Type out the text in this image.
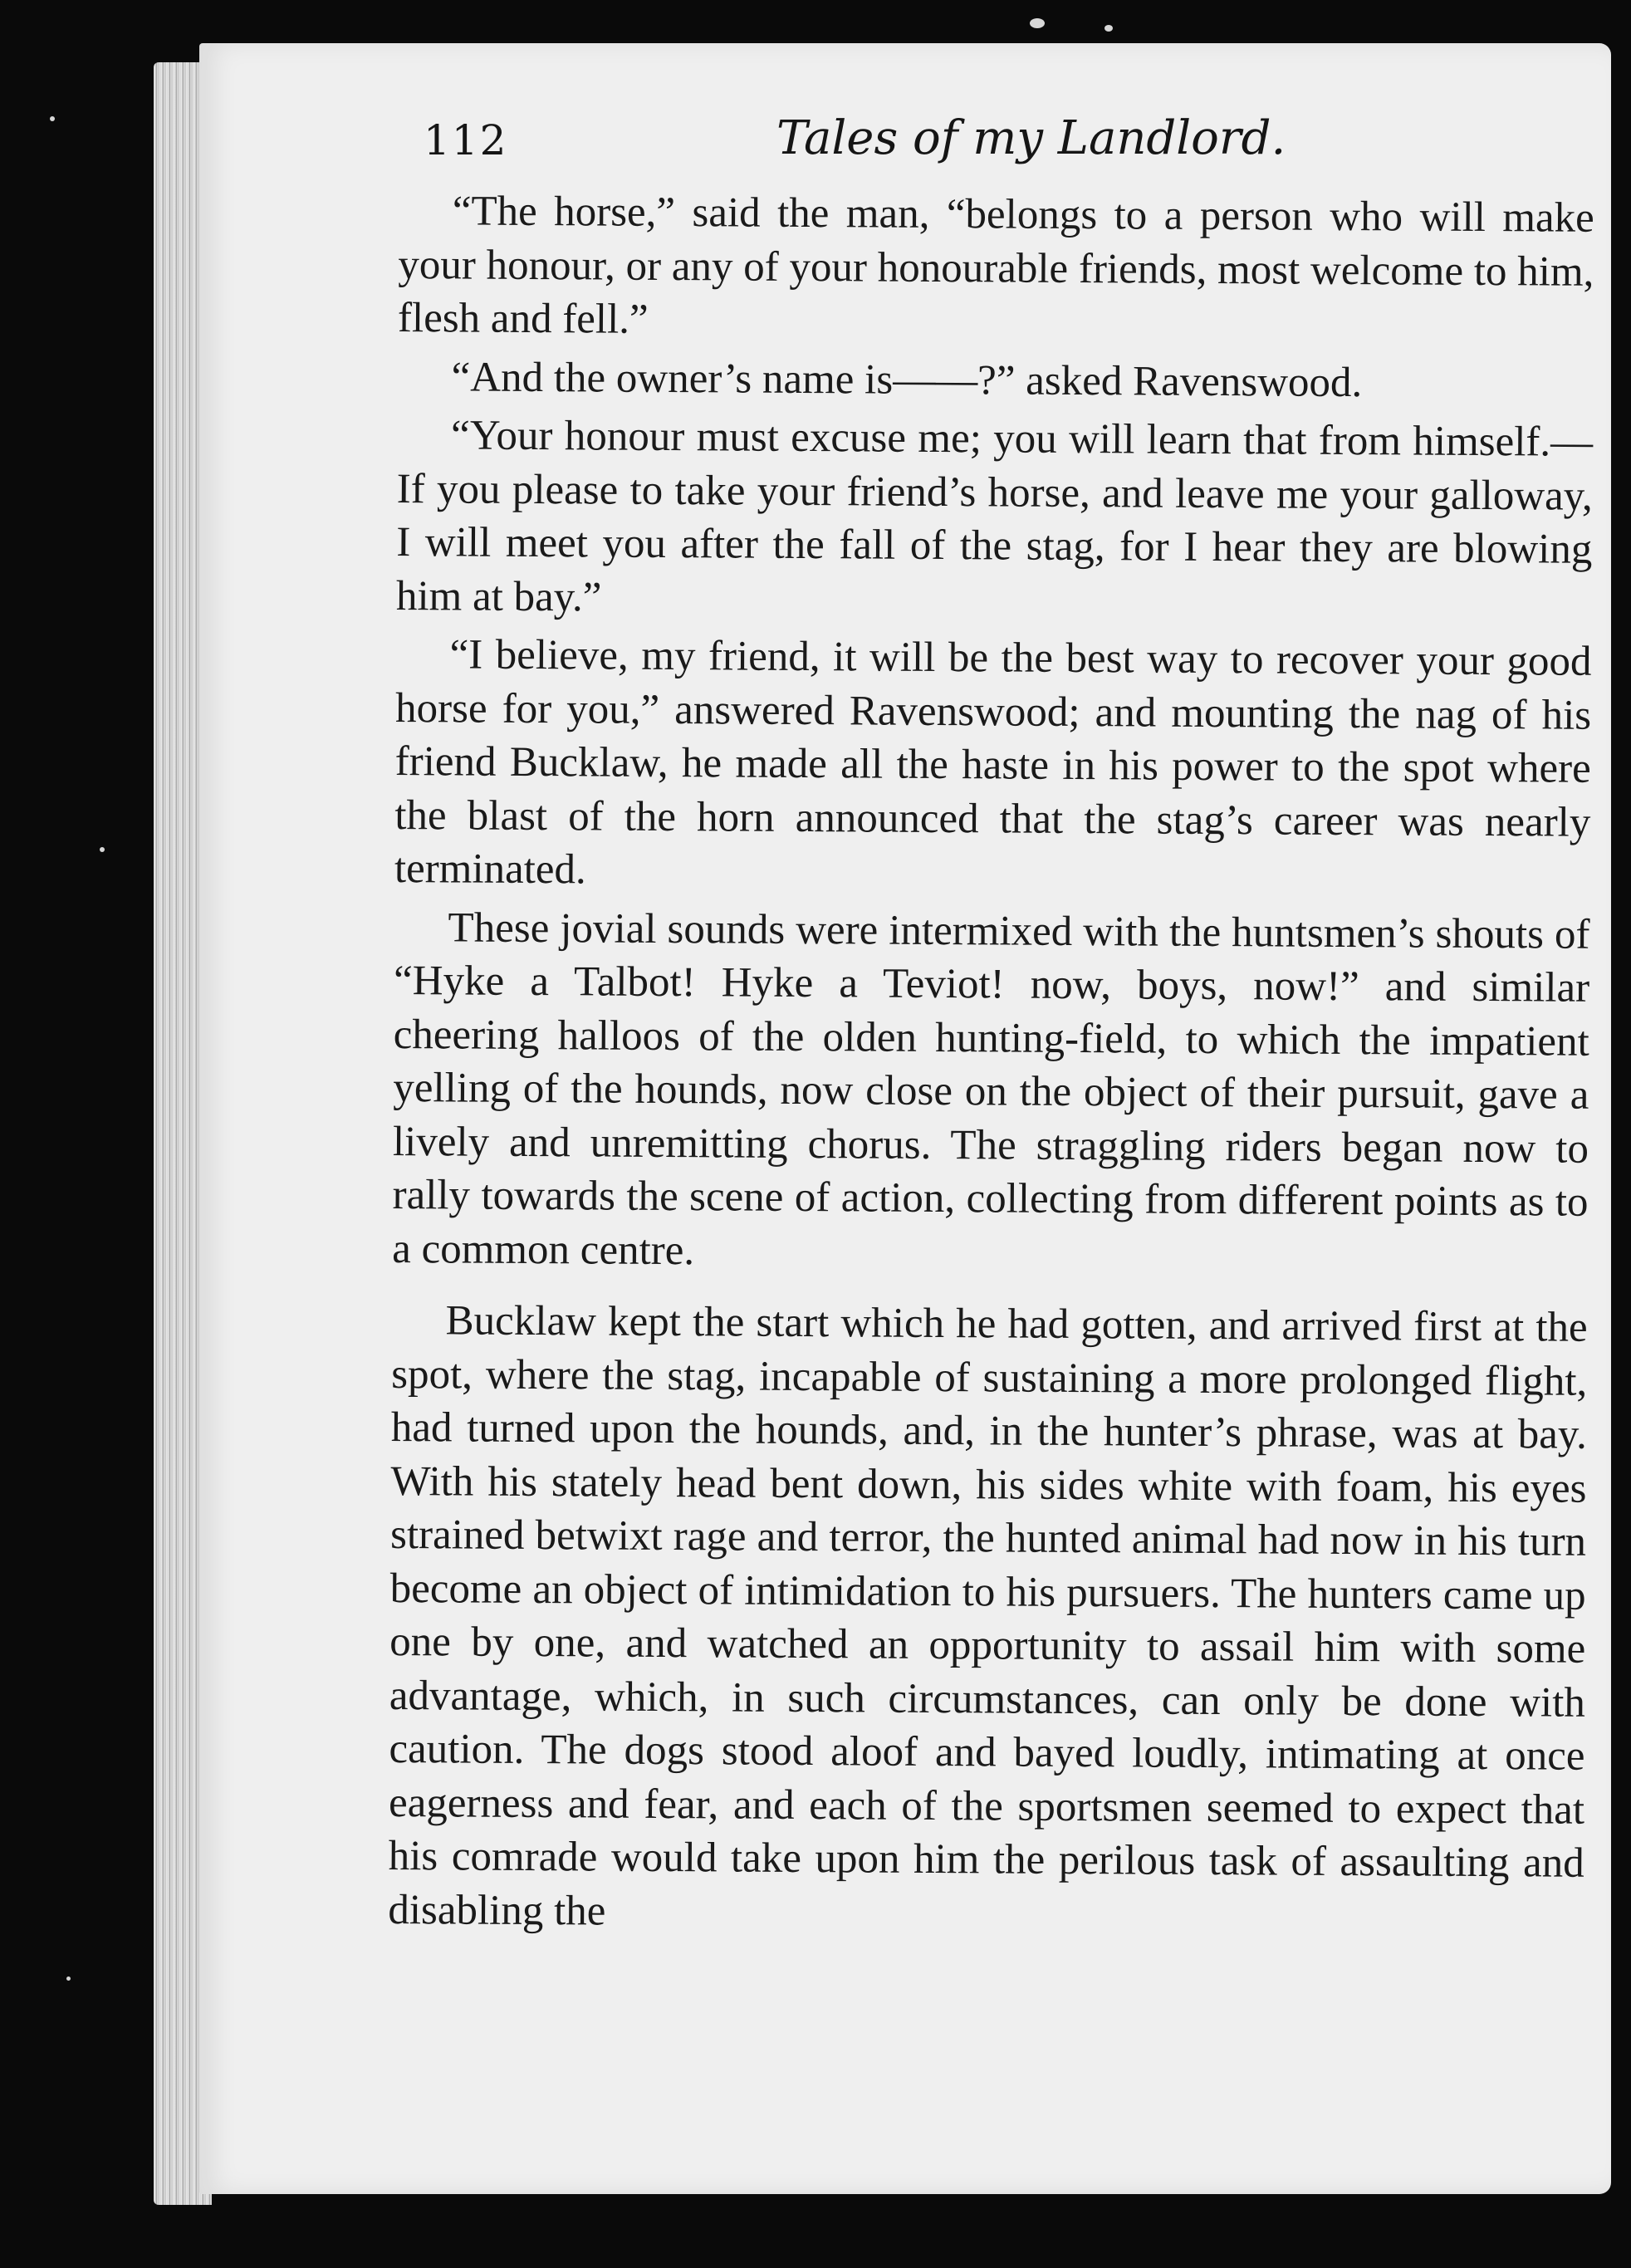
112	Tales of my Landlord.

“The horse,” said the man, “belongs to a person who will make your honour, or any of your honourable friends, most welcome to him, flesh and fell.”

“And the owner’s name is——?” asked Ravenswood.

“Your honour must excuse me; you will learn that from himself.—If you please to take your friend’s horse, and leave me your galloway, I will meet you after the fall of the stag, for I hear they are blowing him at bay.”

“I believe, my friend, it will be the best way to recover your good horse for you,” answered Ravenswood; and mounting the nag of his friend Bucklaw, he made all the haste in his power to the spot where the blast of the horn announced that the stag’s career was nearly terminated.

These jovial sounds were intermixed with the huntsmen’s shouts of “Hyke a Talbot! Hyke a Teviot! now, boys, now!” and similar cheering halloos of the olden hunting-field, to which the impatient yelling of the hounds, now close on the object of their pursuit, gave a lively and unremitting chorus. The straggling riders began now to rally towards the scene of action, collecting from different points as to a common centre.

Bucklaw kept the start which he had gotten, and arrived first at the spot, where the stag, incapable of sustaining a more prolonged flight, had turned upon the hounds, and, in the hunter’s phrase, was at bay. With his stately head bent down, his sides white with foam, his eyes strained betwixt rage and terror, the hunted animal had now in his turn become an object of intimidation to his pursuers. The hunters came up one by one, and watched an opportunity to assail him with some advantage, which, in such circumstances, can only be done with caution. The dogs stood aloof and bayed loudly, intimating at once eagerness and fear, and each of the sportsmen seemed to expect that his comrade would take upon him the perilous task of assaulting and disabling the
